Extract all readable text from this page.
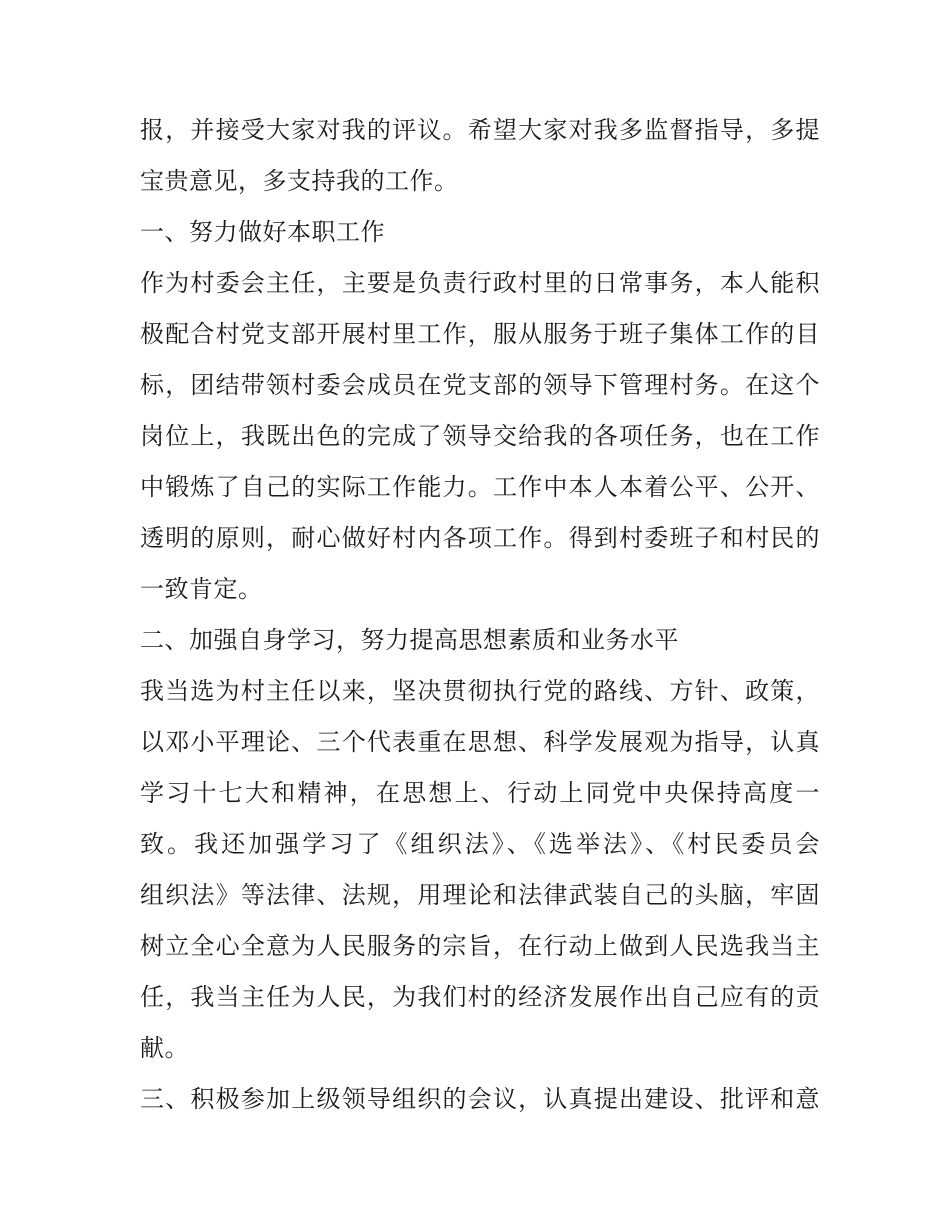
报，并接受大家对我的评议。希望大家对我多监督指导，多提
宝贵意见，多支持我的工作。
一、努力做好本职工作
作为村委会主任，主要是负责行政村里的日常事务，本人能积
极配合村党支部开展村里工作，服从服务于班子集体工作的目
标，团结带领村委会成员在党支部的领导下管理村务。在这个
岗位上，我既出色的完成了领导交给我的各项任务，也在工作
中锻炼了自己的实际工作能力。工作中本人本着公平、公开、
透明的原则，耐心做好村内各项工作。得到村委班子和村民的
一致肯定。
二、加强自身学习，努力提高思想素质和业务水平
我当选为村主任以来，坚决贯彻执行党的路线、方针、政策，
以邓小平理论、三个代表重在思想、科学发展观为指导，认真
学习十七大和精神，在思想上、行动上同党中央保持高度一
致。我还加强学习了《组织法》、《选举法》、《村民委员会
组织法》等法律、法规，用理论和法律武装自己的头脑，牢固
树立全心全意为人民服务的宗旨，在行动上做到人民选我当主
任，我当主任为人民，为我们村的经济发展作出自己应有的贡
献。
三、积极参加上级领导组织的会议，认真提出建设、批评和意
